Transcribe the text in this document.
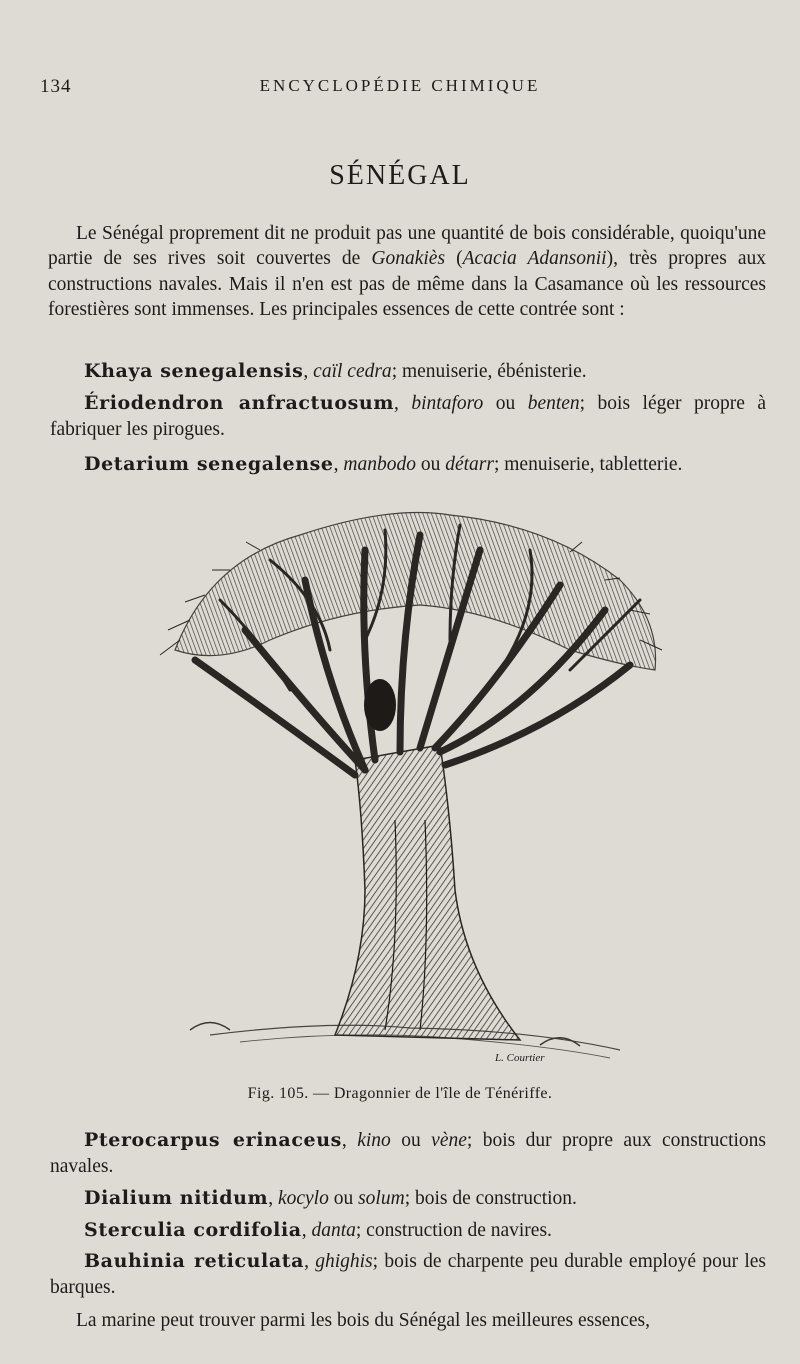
134	ENCYCLOPÉDIE CHIMIQUE
SÉNÉGAL
Le Sénégal proprement dit ne produit pas une quantité de bois considérable, quoiqu'une partie de ses rives soit couvertes de Gonakiès (Acacia Adansonii), très propres aux constructions navales. Mais il n'en est pas de même dans la Casamance où les ressources forestières sont immenses. Les principales essences de cette contrée sont :
Khaya senegalensis, caïl cedra; menuiserie, ébénisterie.
Ériodendron anfractuosum, bintaforo ou benten; bois léger propre à fabriquer les pirogues.
Detarium senegalense, manbodo ou détarr; menuiserie, tabletterie.
L. Courtier
Fig. 105. — Dragonnier de l'île de Ténériffe.
Pterocarpus erinaceus, kino ou vène; bois dur propre aux constructions navales.
Dialium nitidum, kocylo ou solum; bois de construction.
Sterculia cordifolia, danta; construction de navires.
Bauhinia reticulata, ghighis; bois de charpente peu durable employé pour les barques.
La marine peut trouver parmi les bois du Sénégal les meilleures essences,
